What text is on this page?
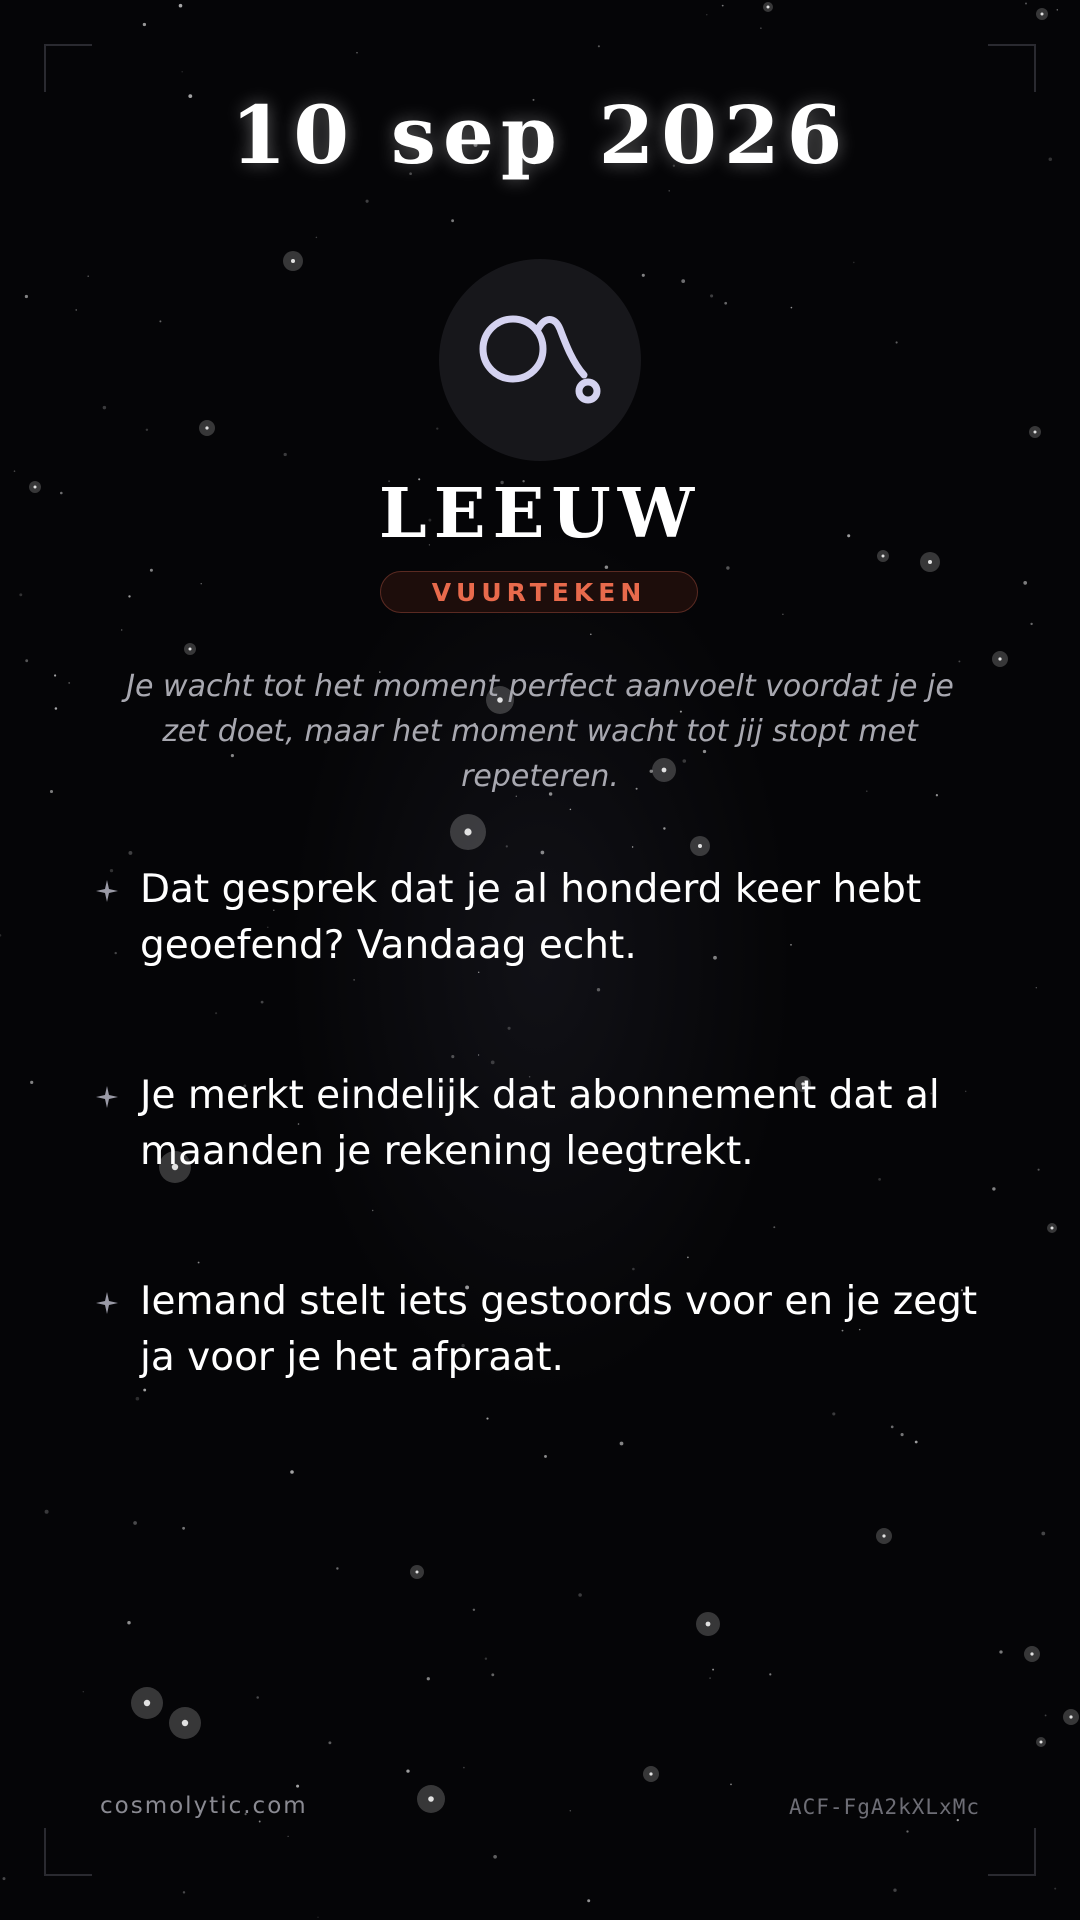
10 sep 2026
LEEUW
VUURTEKEN
Je wacht tot het moment perfect aanvoelt voordat je je zet doet, maar het moment wacht tot jij stopt met repeteren.
Dat gesprek dat je al honderd keer hebt geoefend? Vandaag echt.
Je merkt eindelijk dat abonnement dat al maanden je rekening leegtrekt.
Iemand stelt iets gestoords voor en je zegt ja voor je het afpraat.
cosmolytic.com	ACF-FgA2kXLxMc
